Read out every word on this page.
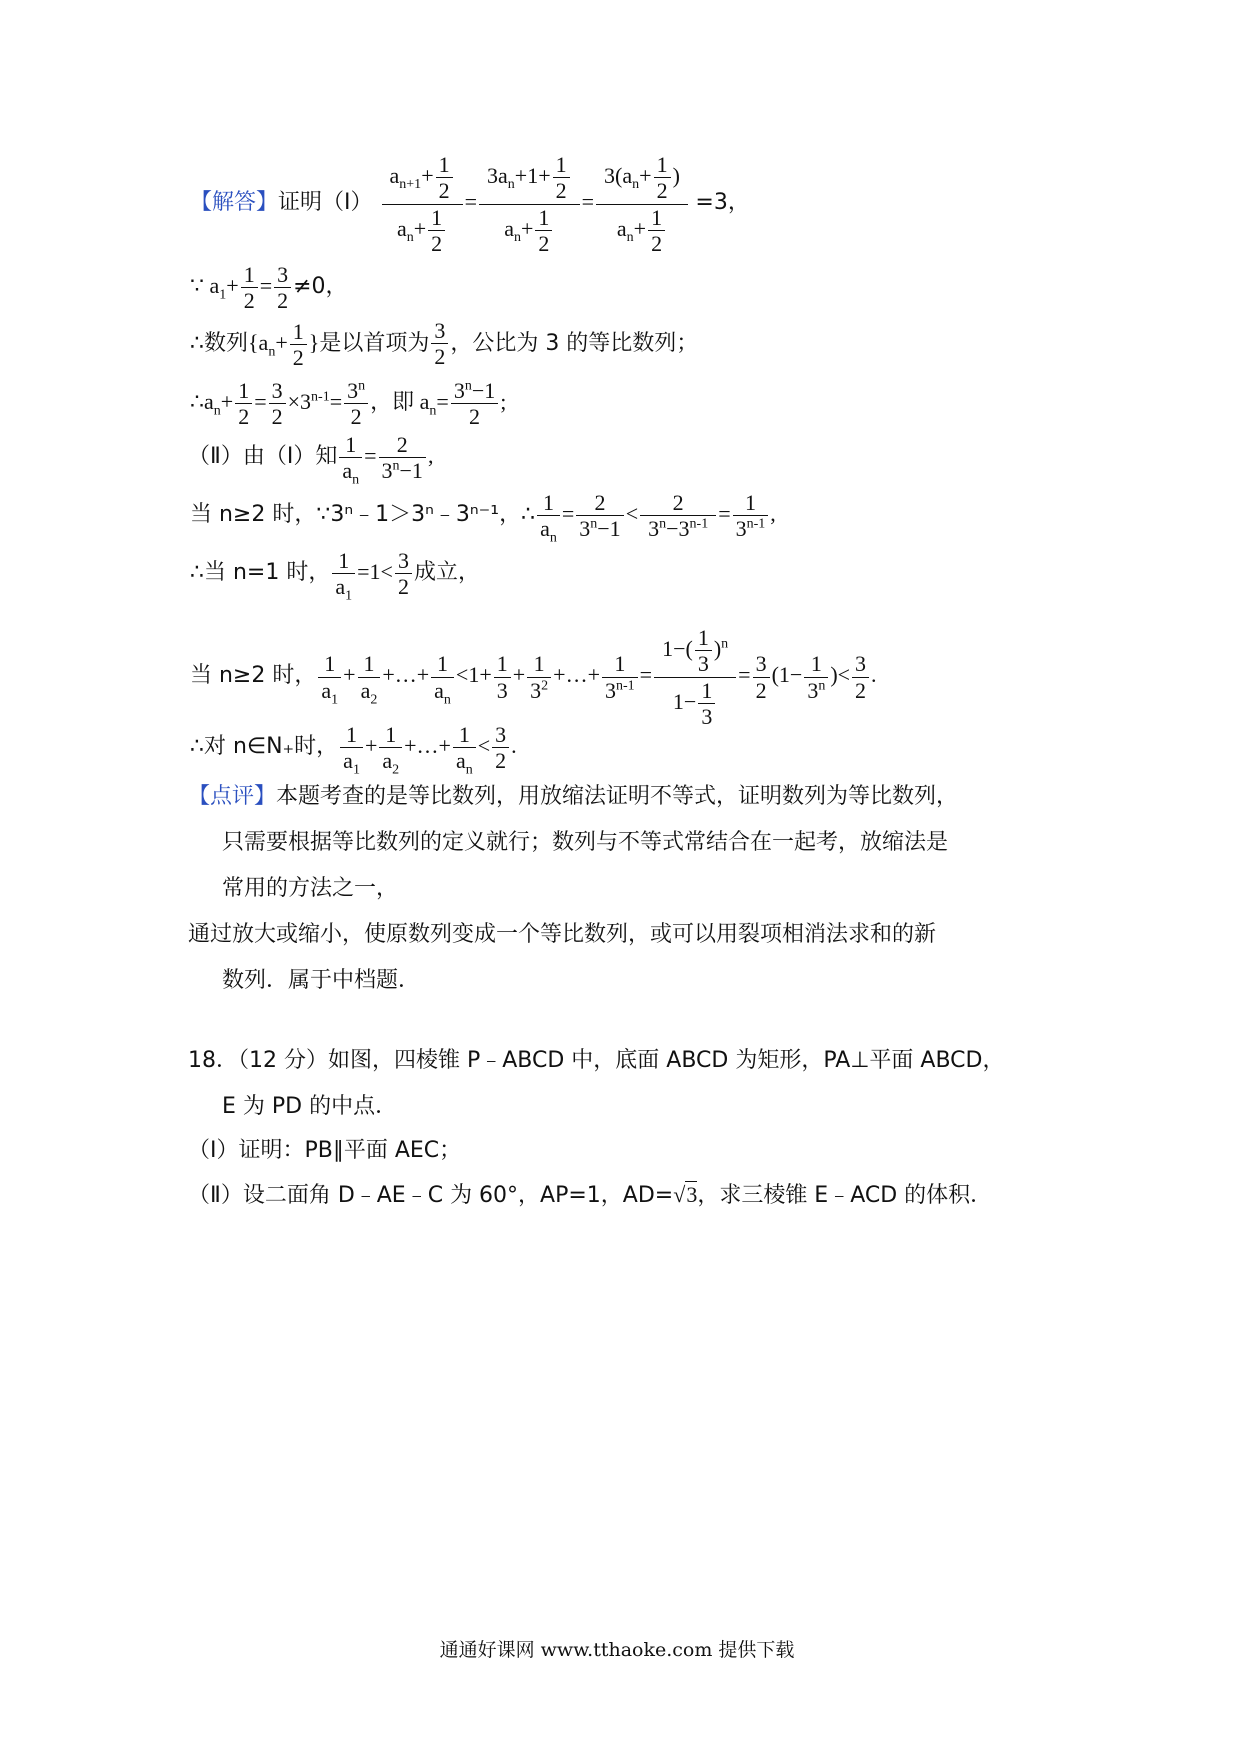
【解答】证明（Ⅰ） $\frac{a_{n+1}+ \frac{1}{2}}{a_n+ \frac{1}{2}} = \frac{3a_n+1+ \frac{1}{2}}{a_n+ \frac{1}{2}} = \frac{3(a_n+ \frac{1}{2} )}{a_n+ \frac{1}{2}} =3$，
∵ $a_1+ \frac{1}{2} = \frac{3}{2} \ne 0$，
∴数列{$a_n+ \frac{1}{2}$ }是以首项为 $\frac{3}{2}$ ，公比为 3 的等比数列；
$\therefore a_n+ \frac{1}{2} = \frac{3}{2} \times 3^{n-1}= \frac{3^n}{2}$ ，即 $a_n= \frac{3^n-1}{2}$ ;
（Ⅱ）由（Ⅰ）知 $\frac{1}{a_n} = \frac{2}{3^n-1}$ ,
当 n≥2 时，∵3ⁿ﹣1＞3ⁿ﹣3ⁿ⁻¹，∴ $\frac{1}{a_n} = \frac{2}{3^n-1} < \frac{2}{3^n-3^{n-1}} = \frac{1}{3^{n-1}}$ ,
∴当 n=1 时， $\frac{1}{a_1} =1< \frac{3}{2}$ 成立，
当 n≥2 时， $\frac{1}{a_1} + \frac{1}{a_2}$ +…+ $\frac{1}{a_n} <1+ \frac{1}{3} + \frac{1}{3^2}$ +…+ $\frac{1}{3^{n-1}} = \frac{1-( \frac{1}{3} )^n}{1- \frac{1}{3}} = \frac{3}{2} (1- \frac{1}{3^n}$ )< $\frac{3}{2}$ .
∴对 n∈N₊时， $\frac{1}{a_1} + \frac{1}{a_2}$ +…+ $\frac{1}{a_n} < \frac{3}{2}$ .
【点评】本题考查的是等比数列，用放缩法证明不等式，证明数列为等比数列，
只需要根据等比数列的定义就行；数列与不等式常结合在一起考，放缩法是
常用的方法之一，
通过放大或缩小，使原数列变成一个等比数列，或可以用裂项相消法求和的新
数列．属于中档题．
18．（12 分）如图，四棱锥 P﹣ABCD 中，底面 ABCD 为矩形，PA⊥平面 ABCD，
E 为 PD 的中点．
（Ⅰ）证明：PB∥平面 AEC；
（Ⅱ）设二面角 D﹣AE﹣C 为 60°，AP=1，AD=√3，求三棱锥 E﹣ACD 的体积．
通通好课网 www.tthaoke.com 提供下载
